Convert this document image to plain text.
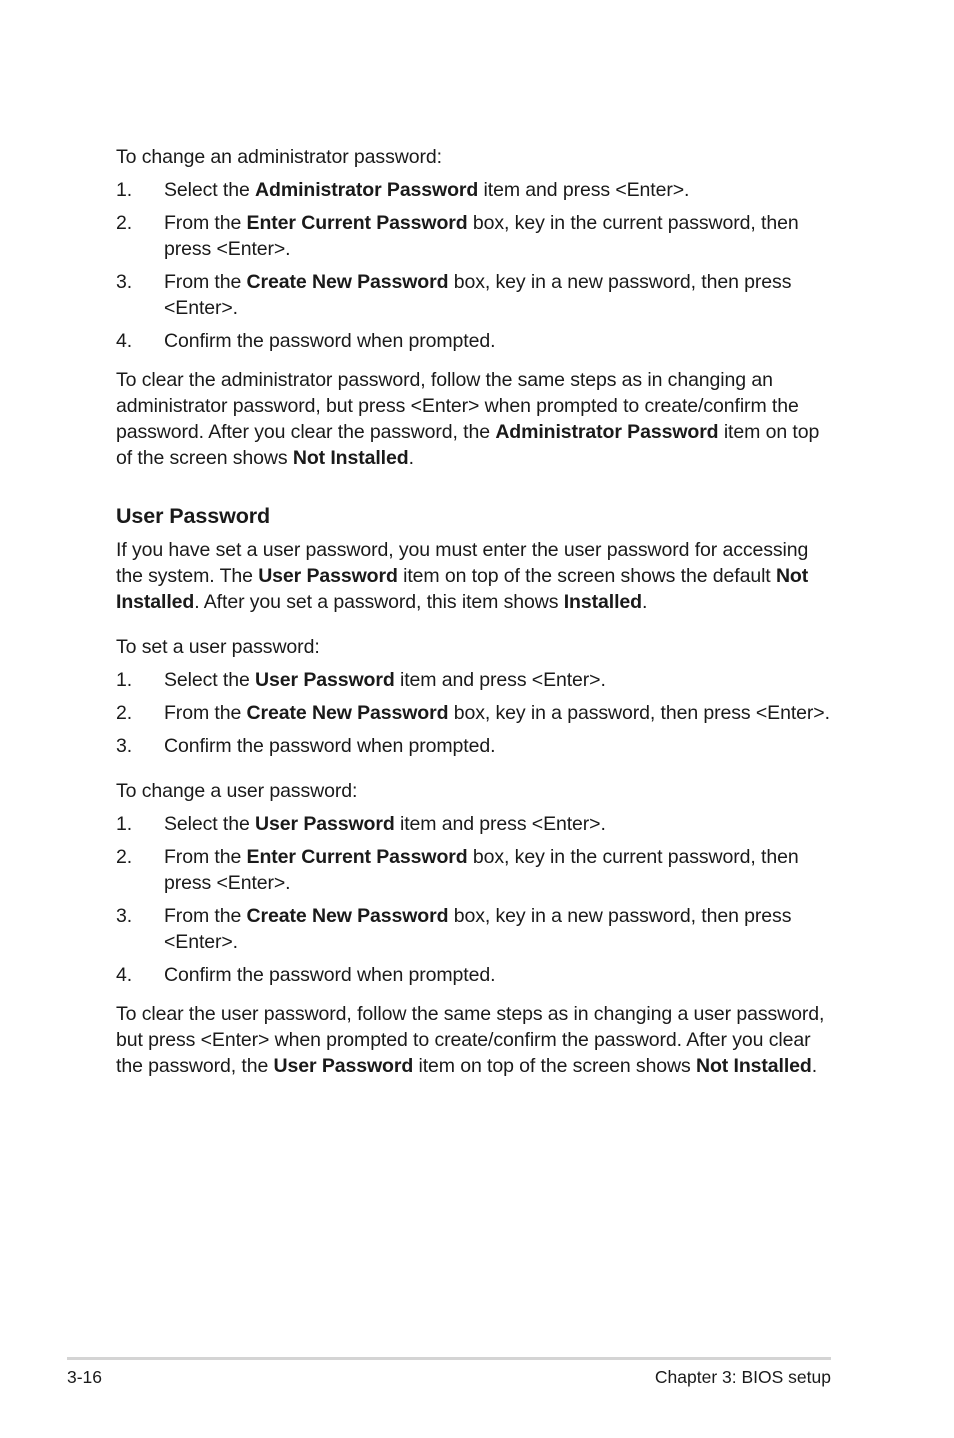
To change an administrator password:

1. Select the Administrator Password item and press <Enter>.
2. From the Enter Current Password box, key in the current password, then press <Enter>.
3. From the Create New Password box, key in a new password, then press <Enter>.
4. Confirm the password when prompted.

To clear the administrator password, follow the same steps as in changing an administrator password, but press <Enter> when prompted to create/confirm the password. After you clear the password, the Administrator Password item on top of the screen shows Not Installed.

User Password

If you have set a user password, you must enter the user password for accessing the system. The User Password item on top of the screen shows the default Not Installed. After you set a password, this item shows Installed.

To set a user password:

1. Select the User Password item and press <Enter>.
2. From the Create New Password box, key in a password, then press <Enter>.
3. Confirm the password when prompted.

To change a user password:

1. Select the User Password item and press <Enter>.
2. From the Enter Current Password box, key in the current password, then press <Enter>.
3. From the Create New Password box, key in a new password, then press <Enter>.
4. Confirm the password when prompted.

To clear the user password, follow the same steps as in changing a user password, but press <Enter> when prompted to create/confirm the password. After you clear the password, the User Password item on top of the screen shows Not Installed.

3-16	Chapter 3: BIOS setup
